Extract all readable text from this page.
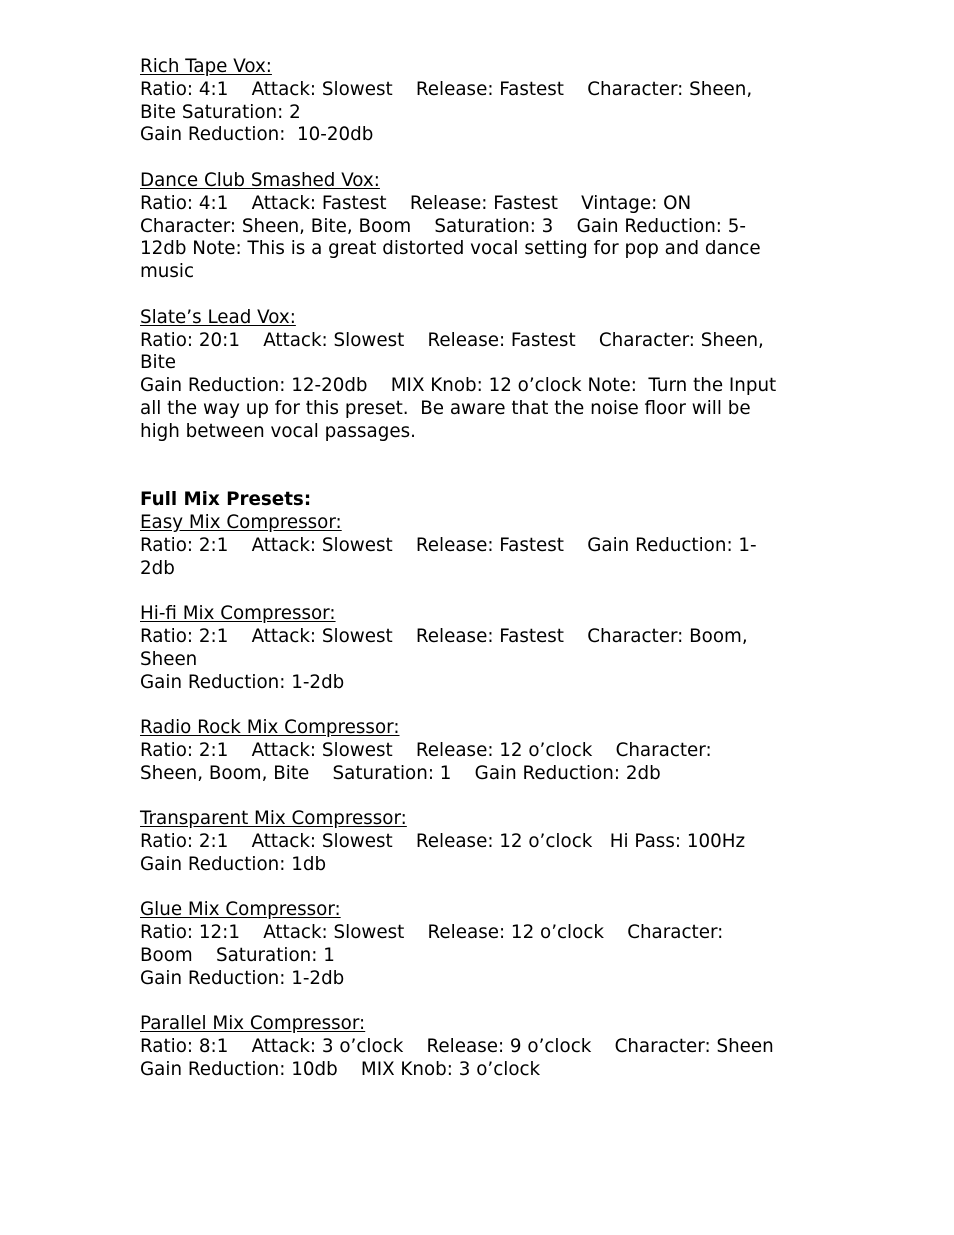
Rich Tape Vox:
Ratio: 4:1    Attack: Slowest    Release: Fastest    Character: Sheen,
Bite Saturation: 2
Gain Reduction:  10-20db
Dance Club Smashed Vox:
Ratio: 4:1    Attack: Fastest    Release: Fastest    Vintage: ON
Character: Sheen, Bite, Boom    Saturation: 3    Gain Reduction: 5-
12db Note: This is a great distorted vocal setting for pop and dance
music
Slate’s Lead Vox:
Ratio: 20:1    Attack: Slowest    Release: Fastest    Character: Sheen,
Bite
Gain Reduction: 12-20db    MIX Knob: 12 o’clock Note:  Turn the Input
all the way up for this preset.  Be aware that the noise floor will be
high between vocal passages.
Full Mix Presets:
Easy Mix Compressor:
Ratio: 2:1    Attack: Slowest    Release: Fastest    Gain Reduction: 1-
2db
Hi-fi Mix Compressor:
Ratio: 2:1    Attack: Slowest    Release: Fastest    Character: Boom,
Sheen
Gain Reduction: 1-2db
Radio Rock Mix Compressor:
Ratio: 2:1    Attack: Slowest    Release: 12 o’clock    Character:
Sheen, Boom, Bite    Saturation: 1    Gain Reduction: 2db
Transparent Mix Compressor:
Ratio: 2:1    Attack: Slowest    Release: 12 o’clock   Hi Pass: 100Hz
Gain Reduction: 1db
Glue Mix Compressor:
Ratio: 12:1    Attack: Slowest    Release: 12 o’clock    Character:
Boom    Saturation: 1
Gain Reduction: 1-2db
Parallel Mix Compressor:
Ratio: 8:1    Attack: 3 o’clock    Release: 9 o’clock    Character: Sheen
Gain Reduction: 10db    MIX Knob: 3 o’clock
